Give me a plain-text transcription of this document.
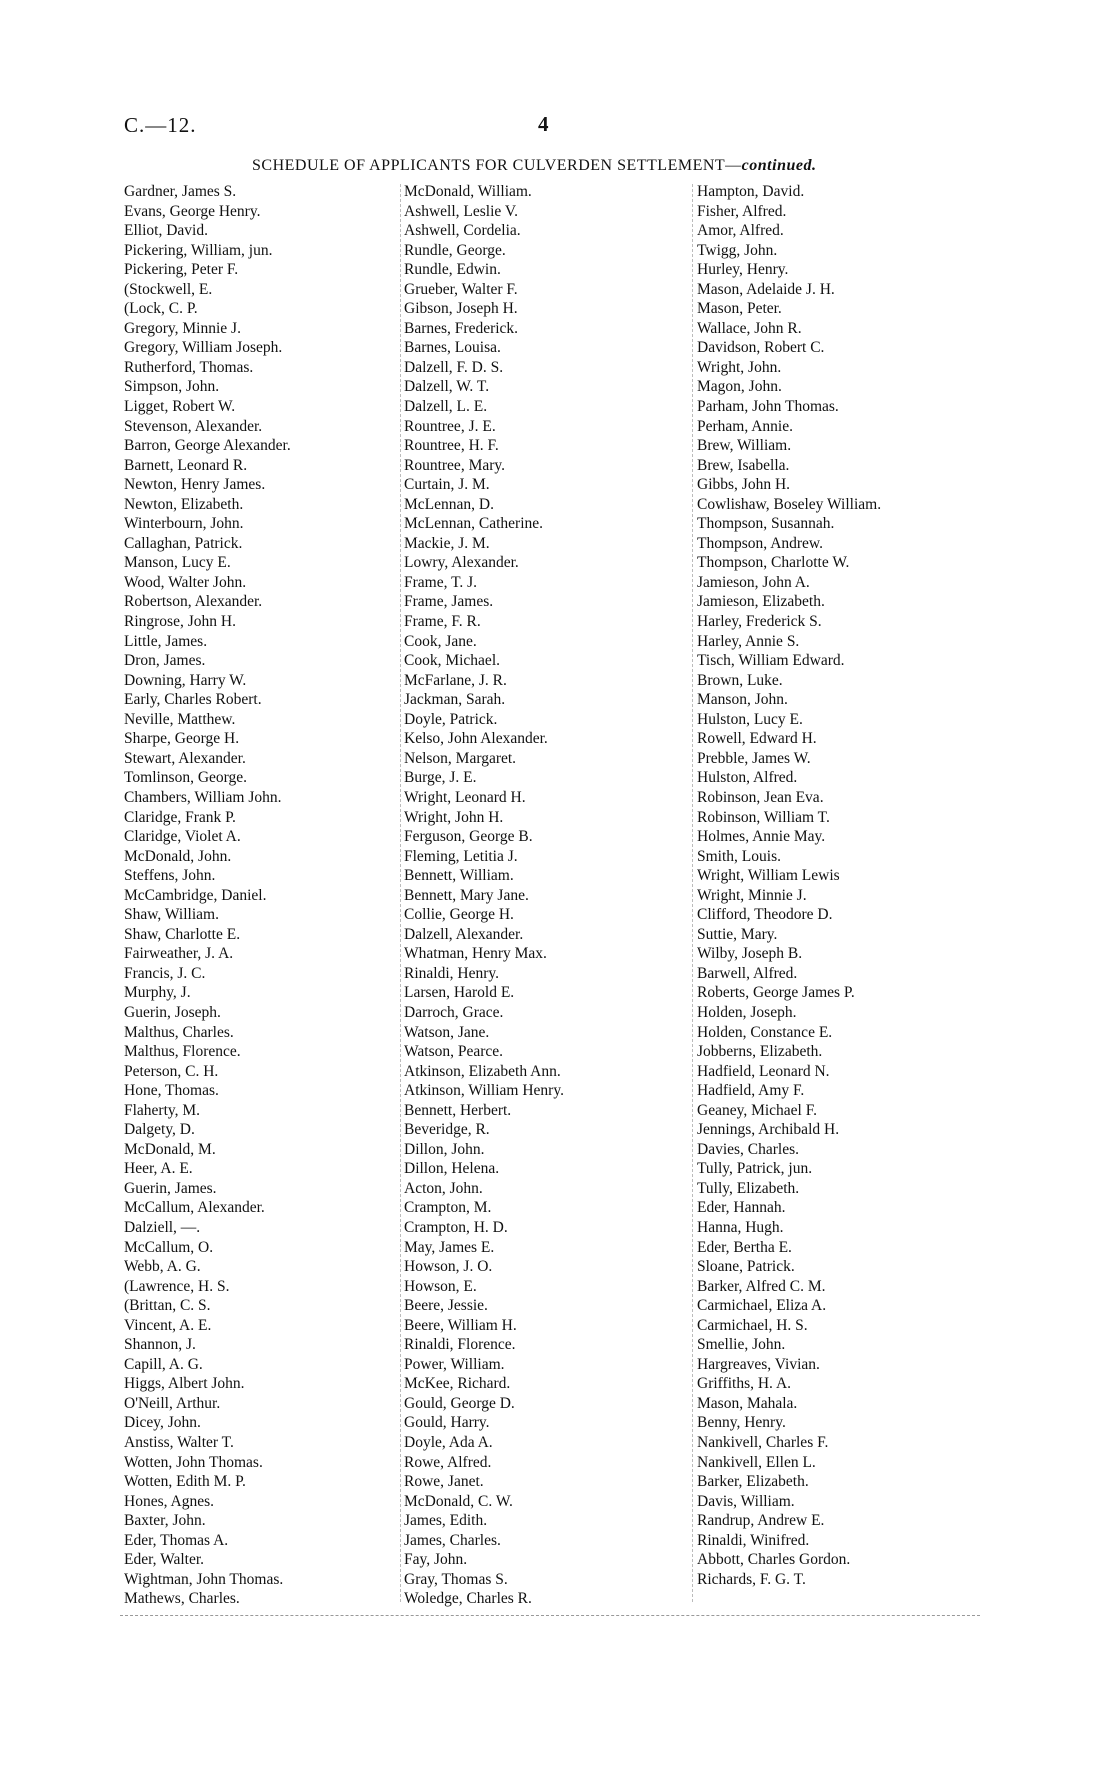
C.—12.	4
SCHEDULE OF APPLICANTS FOR CULVERDEN SETTLEMENT—continued.
Gardner, James S.
Evans, George Henry.
Elliot, David.
Pickering, William, jun.
Pickering, Peter F.
(Stockwell, E.
(Lock, C. P.
Gregory, Minnie J.
Gregory, William Joseph.
Rutherford, Thomas.
Simpson, John.
Ligget, Robert W.
Stevenson, Alexander.
Barron, George Alexander.
Barnett, Leonard R.
Newton, Henry James.
Newton, Elizabeth.
Winterbourn, John.
Callaghan, Patrick.
Manson, Lucy E.
Wood, Walter John.
Robertson, Alexander.
Ringrose, John H.
Little, James.
Dron, James.
Downing, Harry W.
Early, Charles Robert.
Neville, Matthew.
Sharpe, George H.
Stewart, Alexander.
Tomlinson, George.
Chambers, William John.
Claridge, Frank P.
Claridge, Violet A.
McDonald, John.
Steffens, John.
McCambridge, Daniel.
Shaw, William.
Shaw, Charlotte E.
Fairweather, J. A.
Francis, J. C.
Murphy, J.
Guerin, Joseph.
Malthus, Charles.
Malthus, Florence.
Peterson, C. H.
Hone, Thomas.
Flaherty, M.
Dalgety, D.
McDonald, M.
Heer, A. E.
Guerin, James.
McCallum, Alexander.
Dalziell, —.
McCallum, O.
Webb, A. G.
(Lawrence, H. S.
(Brittan, C. S.
Vincent, A. E.
Shannon, J.
Capill, A. G.
Higgs, Albert John.
O'Neill, Arthur.
Dicey, John.
Anstiss, Walter T.
Wotten, John Thomas.
Wotten, Edith M. P.
Hones, Agnes.
Baxter, John.
Eder, Thomas A.
Eder, Walter.
Wightman, John Thomas.
Mathews, Charles.
McDonald, William.
Ashwell, Leslie V.
Ashwell, Cordelia.
Rundle, George.
Rundle, Edwin.
Grueber, Walter F.
Gibson, Joseph H.
Barnes, Frederick.
Barnes, Louisa.
Dalzell, F. D. S.
Dalzell, W. T.
Dalzell, L. E.
Rountree, J. E.
Rountree, H. F.
Rountree, Mary.
Curtain, J. M.
McLennan, D.
McLennan, Catherine.
Mackie, J. M.
Lowry, Alexander.
Frame, T. J.
Frame, James.
Frame, F. R.
Cook, Jane.
Cook, Michael.
McFarlane, J. R.
Jackman, Sarah.
Doyle, Patrick.
Kelso, John Alexander.
Nelson, Margaret.
Burge, J. E.
Wright, Leonard H.
Wright, John H.
Ferguson, George B.
Fleming, Letitia J.
Bennett, William.
Bennett, Mary Jane.
Collie, George H.
Dalzell, Alexander.
Whatman, Henry Max.
Rinaldi, Henry.
Larsen, Harold E.
Darroch, Grace.
Watson, Jane.
Watson, Pearce.
Atkinson, Elizabeth Ann.
Atkinson, William Henry.
Bennett, Herbert.
Beveridge, R.
Dillon, John.
Dillon, Helena.
Acton, John.
Crampton, M.
Crampton, H. D.
May, James E.
Howson, J. O.
Howson, E.
Beere, Jessie.
Beere, William H.
Rinaldi, Florence.
Power, William.
McKee, Richard.
Gould, George D.
Gould, Harry.
Doyle, Ada A.
Rowe, Alfred.
Rowe, Janet.
McDonald, C. W.
James, Edith.
James, Charles.
Fay, John.
Gray, Thomas S.
Woledge, Charles R.
Hampton, David.
Fisher, Alfred.
Amor, Alfred.
Twigg, John.
Hurley, Henry.
Mason, Adelaide J. H.
Mason, Peter.
Wallace, John R.
Davidson, Robert C.
Wright, John.
Magon, John.
Parham, John Thomas.
Perham, Annie.
Brew, William.
Brew, Isabella.
Gibbs, John H.
Cowlishaw, Boseley William.
Thompson, Susannah.
Thompson, Andrew.
Thompson, Charlotte W.
Jamieson, John A.
Jamieson, Elizabeth.
Harley, Frederick S.
Harley, Annie S.
Tisch, William Edward.
Brown, Luke.
Manson, John.
Hulston, Lucy E.
Rowell, Edward H.
Prebble, James W.
Hulston, Alfred.
Robinson, Jean Eva.
Robinson, William T.
Holmes, Annie May.
Smith, Louis.
Wright, William Lewis
Wright, Minnie J.
Clifford, Theodore D.
Suttie, Mary.
Wilby, Joseph B.
Barwell, Alfred.
Roberts, George James P.
Holden, Joseph.
Holden, Constance E.
Jobberns, Elizabeth.
Hadfield, Leonard N.
Hadfield, Amy F.
Geaney, Michael F.
Jennings, Archibald H.
Davies, Charles.
Tully, Patrick, jun.
Tully, Elizabeth.
Eder, Hannah.
Hanna, Hugh.
Eder, Bertha E.
Sloane, Patrick.
Barker, Alfred C. M.
Carmichael, Eliza A.
Carmichael, H. S.
Smellie, John.
Hargreaves, Vivian.
Griffiths, H. A.
Mason, Mahala.
Benny, Henry.
Nankivell, Charles F.
Nankivell, Ellen L.
Barker, Elizabeth.
Davis, William.
Randrup, Andrew E.
Rinaldi, Winifred.
Abbott, Charles Gordon.
Richards, F. G. T.
